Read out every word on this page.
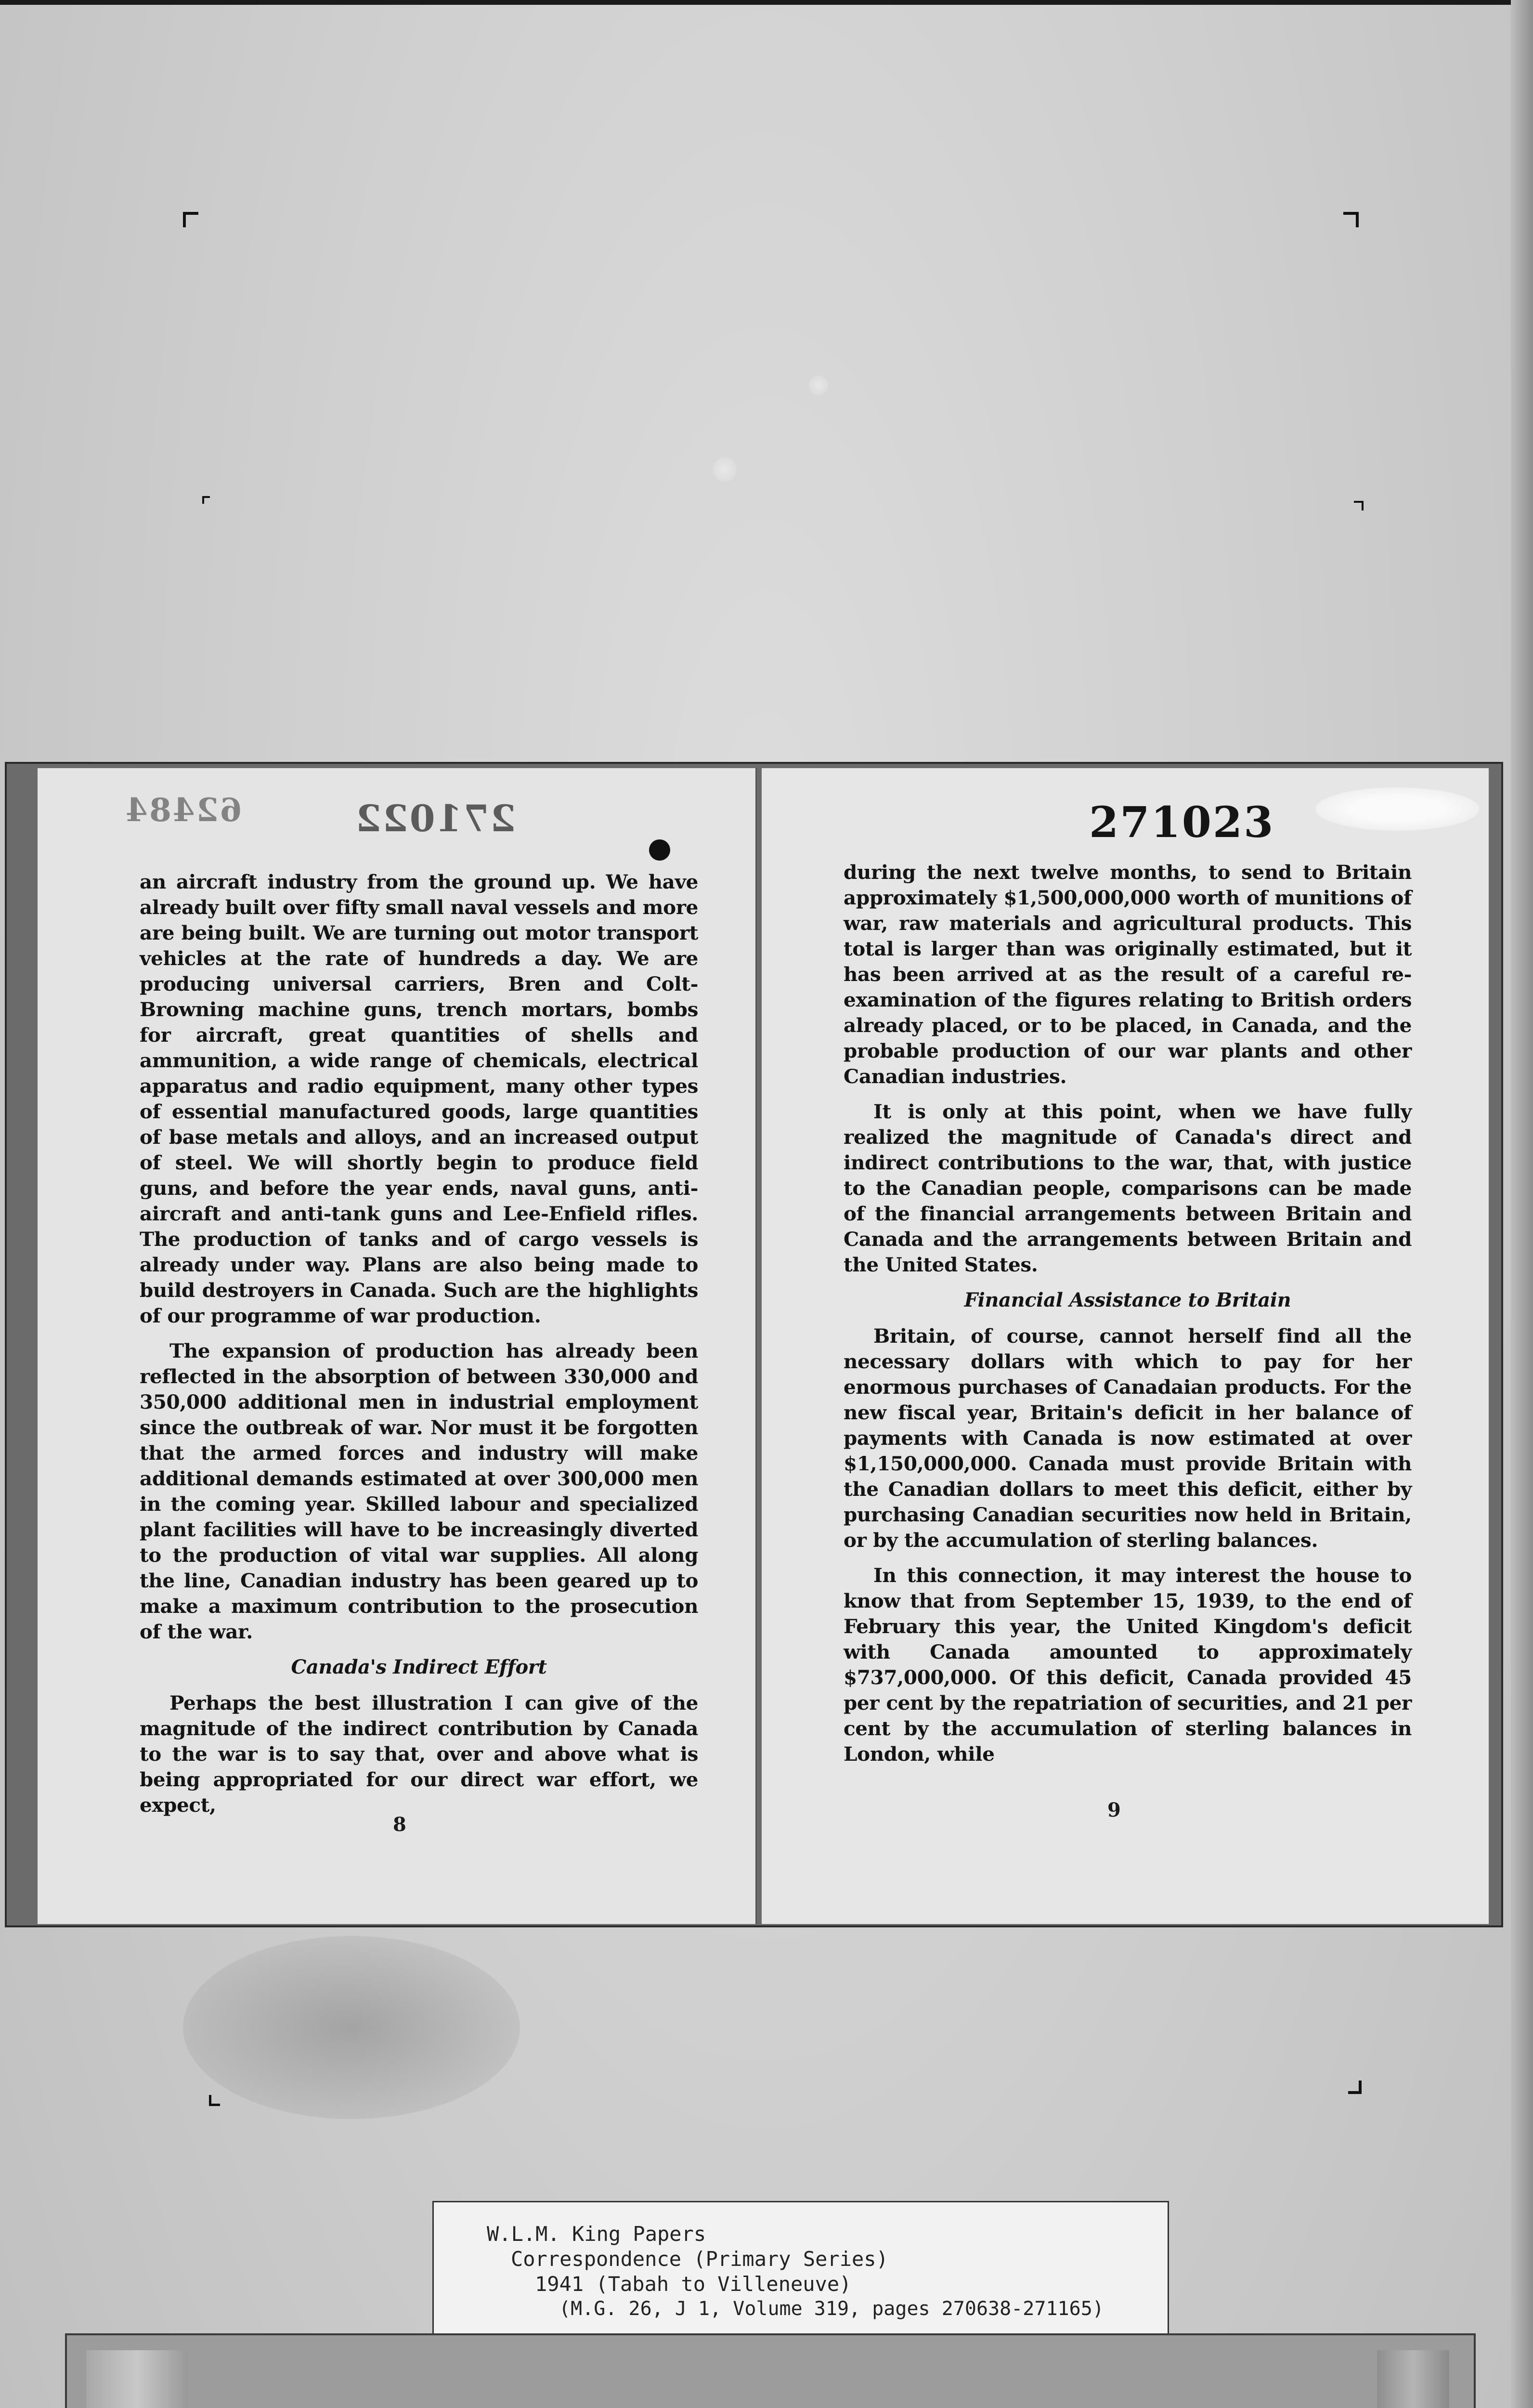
271022
62484

an aircraft industry from the ground up. We have already built over fifty small naval vessels and more are being built. We are turning out motor transport vehicles at the rate of hundreds a day. We are producing universal carriers, Bren and Colt-Browning machine guns, trench mortars, bombs for aircraft, great quantities of shells and ammunition, a wide range of chemicals, electrical apparatus and radio equipment, many other types of essential manufactured goods, large quantities of base metals and alloys, and an increased output of steel. We will shortly begin to produce field guns, and before the year ends, naval guns, anti-aircraft and anti-tank guns and Lee-Enfield rifles. The production of tanks and of cargo vessels is already under way. Plans are also being made to build destroyers in Canada. Such are the highlights of our programme of war production.

The expansion of production has already been reflected in the absorption of between 330,000 and 350,000 additional men in industrial employment since the outbreak of war. Nor must it be forgotten that the armed forces and industry will make additional demands estimated at over 300,000 men in the coming year. Skilled labour and specialized plant facilities will have to be increasingly diverted to the production of vital war supplies. All along the line, Canadian industry has been geared up to make a maximum contribution to the prosecution of the war.

Canada's Indirect Effort

Perhaps the best illustration I can give of the magnitude of the indirect contribution by Canada to the war is to say that, over and above what is being appropriated for our direct war effort, we expect,

8
271023

during the next twelve months, to send to Britain approximately $1,500,000,000 worth of munitions of war, raw materials and agricultural products. This total is larger than was originally estimated, but it has been arrived at as the result of a careful re-examination of the figures relating to British orders already placed, or to be placed, in Canada, and the probable production of our war plants and other Canadian industries.

It is only at this point, when we have fully realized the magnitude of Canada's direct and indirect contributions to the war, that, with justice to the Canadian people, comparisons can be made of the financial arrangements between Britain and Canada and the arrangements between Britain and the United States.

Financial Assistance to Britain

Britain, of course, cannot herself find all the necessary dollars with which to pay for her enormous purchases of Canadaian products. For the new fiscal year, Britain's deficit in her balance of payments with Canada is now estimated at over $1,150,000,000. Canada must provide Britain with the Canadian dollars to meet this deficit, either by purchasing Canadian securities now held in Britain, or by the accumulation of sterling balances.

In this connection, it may interest the house to know that from September 15, 1939, to the end of February this year, the United Kingdom's deficit with Canada amounted to approximately $737,000,000. Of this deficit, Canada provided 45 per cent by the repatriation of securities, and 21 per cent by the accumulation of sterling balances in London, while

9
W.L.M. King Papers
Correspondence (Primary Series)
1941 (Tabah to Villeneuve)
(M.G. 26, J 1, Volume 319, pages 270638-271165)
